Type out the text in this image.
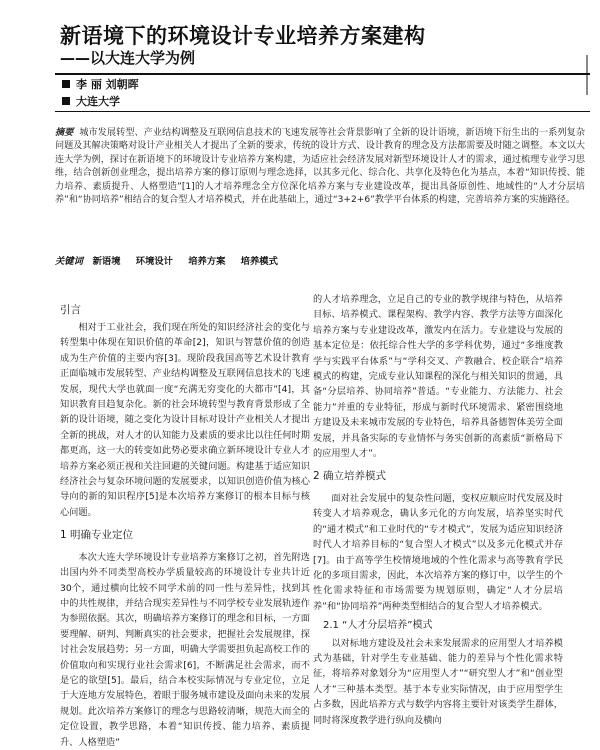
新语境下的环境设计专业培养方案建构
——以大连大学为例
李 丽 刘朝晖
大连大学
摘要 城市发展转型、产业结构调整及互联网信息技术的飞速发展等社会背景影响了全新的设计语境，新语境下衍生出的一系列复杂问题及其解决策略对设计产业相关人才提出了全新的要求，传统的设计方式、设计教育的理念及方法都需要及时随之调整。本文以大连大学为例，探讨在新语境下的环境设计专业培养方案构建，为适应社会经济发展对新型环境设计人才的需求，通过梳理专业学习思维，结合创新创业理念，提出培养方案的修订原则与理念选择，以其多元化、综合化、共享化及特色化为基点，本着“知识传授、能力培养、素质提升、人格塑造”[1]的人才培养理念全方位深化培养方案与专业建设改革，提出具备原创性、地域性的“人才分层培养”和“协同培养”相结合的复合型人才培养模式，并在此基础上，通过“3+2+6”教学平台体系的构建，完善培养方案的实施路径。
关键词 新语境 环境设计 培养方案 培养模式
引言

相对于工业社会，我们现在所处的知识经济社会的变化与转型集中体现在知识价值的革命[2]，知识与智慧价值的创造成为生产价值的主要内容[3]。现阶段我国高等艺术设计教育正面临城市发展转型、产业结构调整及互联网信息技术的飞速发展，现代大学也就面一度“充满无穷变化的大都市”[4]，其知识教育目趋复杂化。新的社会环境转型与教育背景形成了全新的设计语境，随之变化为设计目标对设计产业相关人才提出全新的挑战，对人才的认知能力及素质的要求比以往任何时期都更高，这一大的转变如此势必要求确立新环境设计专业人才培养方案必须正视和关注回避的关键问题。构建基于适应知识经济社会与复杂环境问题的发展要求，以知识创造价值为核心导向的新的知识程序[5]是本次培养方案修订的根本目标与核心问题。

1 明确专业定位

本次大连大学环境设计专业培养方案修订之初，首先附选出国内外不同类型高校办学质量较高的环境设计专业共计近30个，通过横向比较不同学术前的同一性与差异性，找到其中的共性规律，并结合现实差异性与不同学校专业发展轨迹作为参照依据。其次，明确培养方案修订的理念和目标，一方面要理解、研判、判断真实的社会要求，把握社会发展规律，探讨社会发展趋势；另一方面，明确大学需要担负起高校工作的价值取向和实现行业社会需求[6]，不断满足社会需求，而不是它的欲望[5]。最后，结合本校实际情况与专业定位，立足于大连地方发展特色，着眼于服务城市建设及面向未来的发展规划。此次培养方案修订的理念与思路较清晰，规范大而全的定位设置，教学思路，本着“知识传授、能力培养、素质提升、人格塑造”

的人才培养理念，立足自己的专业的教学规律与特色，从培养目标、培养模式、课程架构、教学内容、教学方法等方面深化培养方案与专业建设改革，激发内在活力。专业建设与发展的基本定位是：依托综合性大学的多学科优势，通过“多维度教学与实践平台体系”与“学科交叉、产教融合、校企联合”培养模式的构建，完成专业认知课程的深化与相关知识的贯通，具备“分层培养、协同培养”普适。“专业能力、方法能力、社会能力”并重的专业特征，形成与新时代环境需求、紧密围绕地方建设及未来城市发展的专业特色，培养具备德智体美劳全面发展，并具备实际的专业情怀与务实创新的高素质“新格局下的应用型人才”。

2 确立培养模式

面对社会发展中的复杂性问题，变权应顺应时代发展及时转变人才培养观念，确认多元化的方向发展，培养坚实时代的“通才模式”和工业时代的“专才模式”，发展为适应知识经济时代人才培养目标的“复合型人才模式”以及多元化模式并存[7]。由于高等学生校情境地域的个性化需求与高等教育学民化的多项目需求，因此，本次培养方案的修订中，以学生的个性化需求特征和市场需要为规划原则，确定“人才分层培养”和“协同培养”两种类型相结合的复合型人才培养模式。

2.1 “人才分层培养”模式

以对标地方建设及社会未来发展需求的应用型人才培养模式为基础，针对学生专业基础、能力的差异与个性化需求特征，将培养对象划分为“应用型人才”“研究型人才”和“创业型人才”三种基本类型。基于本专业实际情况，由于应用型学生占多数，因此培养方式与数学内容将主要针对该类学生群体，同时将深度教学进行纵向及横向
